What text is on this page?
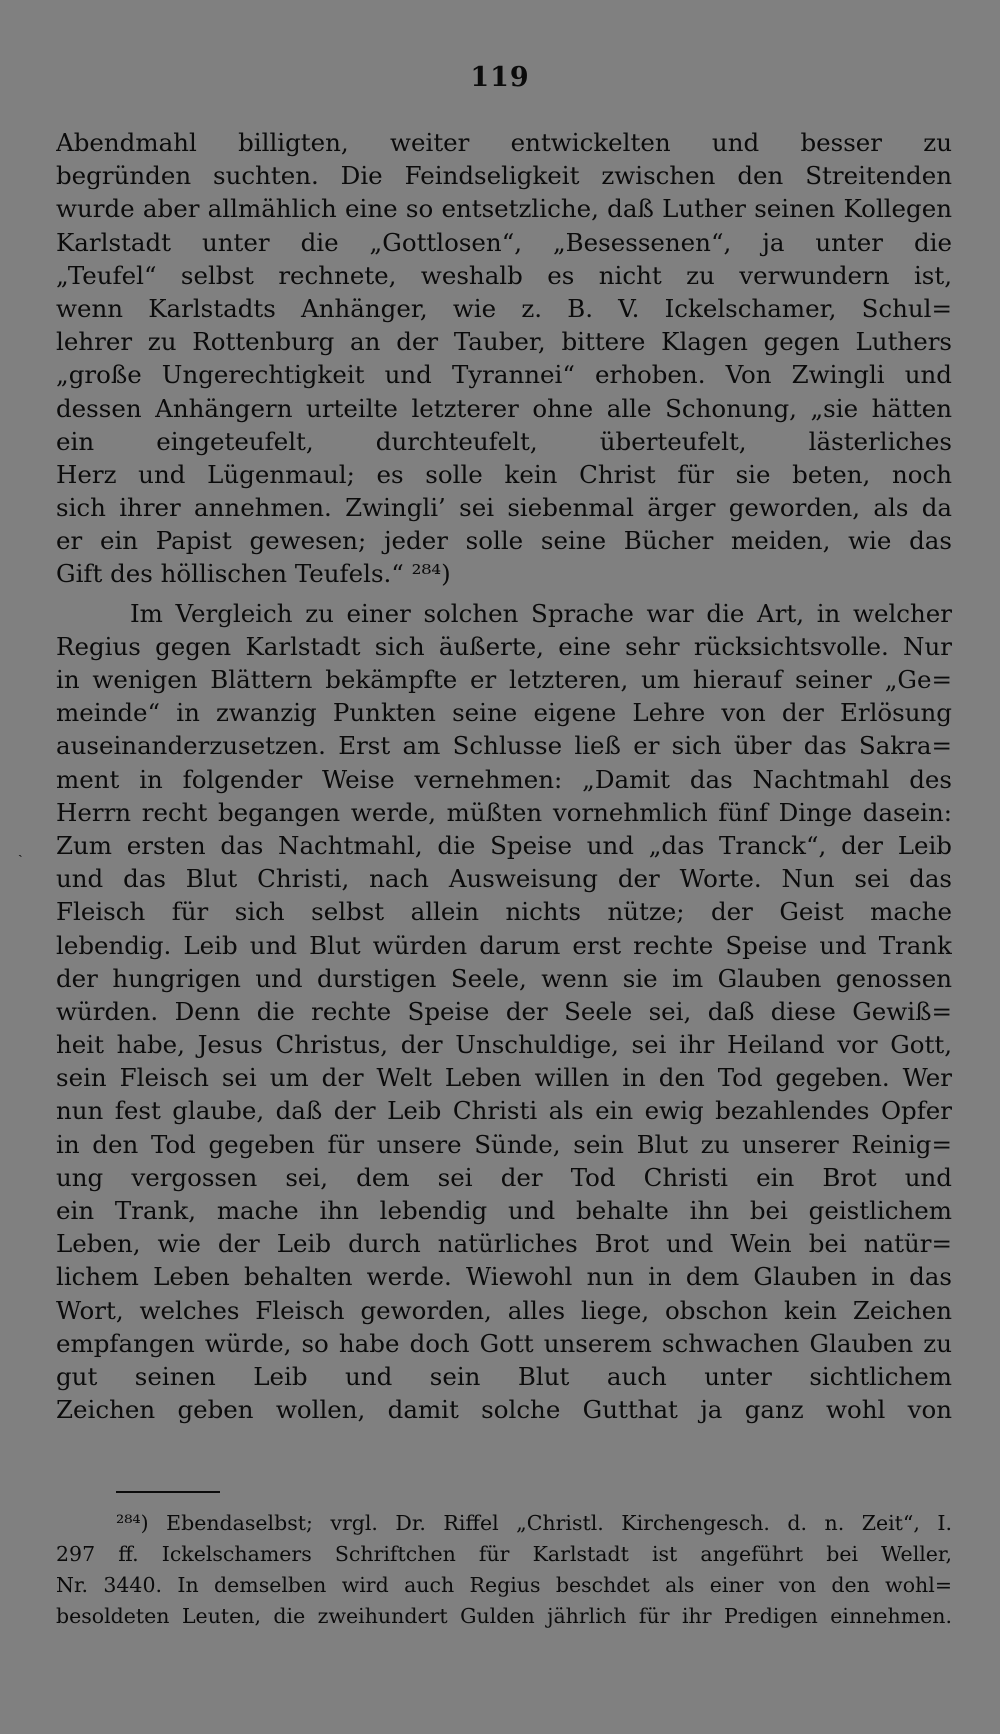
119
ˎ
Abendmahl billigten, weiter entwickelten und besser zu
begründen suchten. Die Feindseligkeit zwischen den Streitenden
wurde aber allmählich eine so entsetzliche, daß Luther seinen Kollegen
Karlstadt unter die „Gottlosen“, „Besessenen“, ja unter die
„Teufel“ selbst rechnete, weshalb es nicht zu verwundern ist,
wenn Karlstadts Anhänger, wie z. B. V. Ickelschamer, Schul=
lehrer zu Rottenburg an der Tauber, bittere Klagen gegen Luthers
„große Ungerechtigkeit und Tyrannei“ erhoben. Von Zwingli und
dessen Anhängern urteilte letzterer ohne alle Schonung, „sie hätten
ein eingeteufelt, durchteufelt, überteufelt, lästerliches
Herz und Lügenmaul; es solle kein Christ für sie beten, noch
sich ihrer annehmen. Zwingli’ sei siebenmal ärger geworden, als da
er ein Papist gewesen; jeder solle seine Bücher meiden, wie das
Gift des höllischen Teufels.“ ²⁸⁴)
Im Vergleich zu einer solchen Sprache war die Art, in welcher
Regius gegen Karlstadt sich äußerte, eine sehr rücksichtsvolle. Nur
in wenigen Blättern bekämpfte er letzteren, um hierauf seiner „Ge=
meinde“ in zwanzig Punkten seine eigene Lehre von der Erlösung
auseinanderzusetzen. Erst am Schlusse ließ er sich über das Sakra=
ment in folgender Weise vernehmen: „Damit das Nachtmahl des
Herrn recht begangen werde, müßten vornehmlich fünf Dinge dasein:
Zum ersten das Nachtmahl, die Speise und „das Tranck“, der Leib
und das Blut Christi, nach Ausweisung der Worte. Nun sei das
Fleisch für sich selbst allein nichts nütze; der Geist mache
lebendig. Leib und Blut würden darum erst rechte Speise und Trank
der hungrigen und durstigen Seele, wenn sie im Glauben genossen
würden. Denn die rechte Speise der Seele sei, daß diese Gewiß=
heit habe, Jesus Christus, der Unschuldige, sei ihr Heiland vor Gott,
sein Fleisch sei um der Welt Leben willen in den Tod gegeben. Wer
nun fest glaube, daß der Leib Christi als ein ewig bezahlendes Opfer
in den Tod gegeben für unsere Sünde, sein Blut zu unserer Reinig=
ung vergossen sei, dem sei der Tod Christi ein Brot und
ein Trank, mache ihn lebendig und behalte ihn bei geistlichem
Leben, wie der Leib durch natürliches Brot und Wein bei natür=
lichem Leben behalten werde. Wiewohl nun in dem Glauben in das
Wort, welches Fleisch geworden, alles liege, obschon kein Zeichen
empfangen würde, so habe doch Gott unserem schwachen Glauben zu
gut seinen Leib und sein Blut auch unter sichtlichem
Zeichen geben wollen, damit solche Gutthat ja ganz wohl von
²⁸⁴) Ebendaselbst; vrgl. Dr. Riffel „Christl. Kirchengesch. d. n. Zeit“, I.
297 ff. Ickelschamers Schriftchen für Karlstadt ist angeführt bei Weller,
Nr. 3440. In demselben wird auch Regius beschdet als einer von den wohl=
besoldeten Leuten, die zweihundert Gulden jährlich für ihr Predigen einnehmen.
